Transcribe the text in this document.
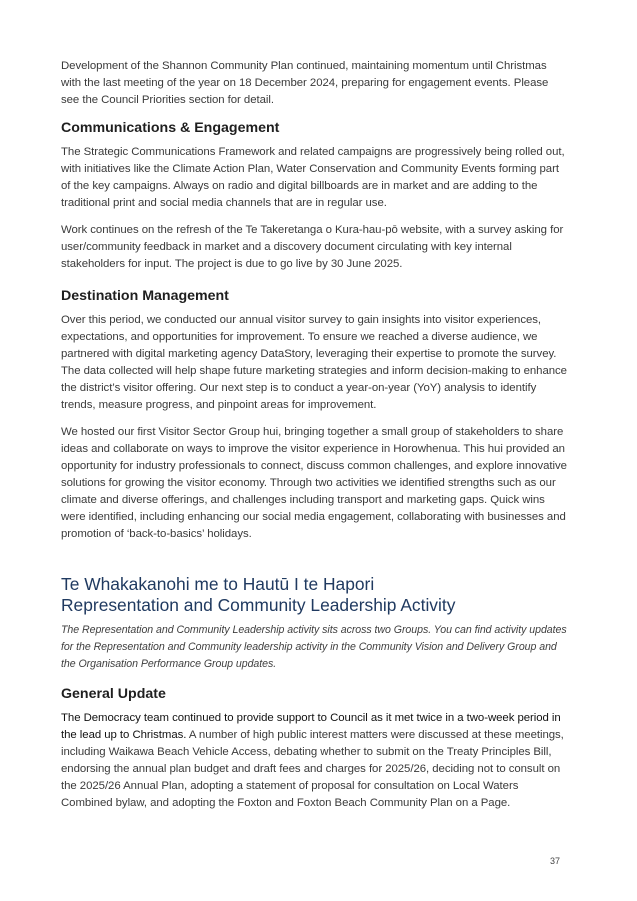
Development of the Shannon Community Plan continued, maintaining momentum until Christmas with the last meeting of the year on 18 December 2024, preparing for engagement events. Please see the Council Priorities section for detail.

Communications & Engagement

The Strategic Communications Framework and related campaigns are progressively being rolled out, with initiatives like the Climate Action Plan, Water Conservation and Community Events forming part of the key campaigns. Always on radio and digital billboards are in market and are adding to the traditional print and social media channels that are in regular use.

Work continues on the refresh of the Te Takeretanga o Kura-hau-pō website, with a survey asking for user/community feedback in market and a discovery document circulating with key internal stakeholders for input. The project is due to go live by 30 June 2025.

Destination Management

Over this period, we conducted our annual visitor survey to gain insights into visitor experiences, expectations, and opportunities for improvement. To ensure we reached a diverse audience, we partnered with digital marketing agency DataStory, leveraging their expertise to promote the survey. The data collected will help shape future marketing strategies and inform decision-making to enhance the district’s visitor offering. Our next step is to conduct a year-on-year (YoY) analysis to identify trends, measure progress, and pinpoint areas for improvement.

We hosted our first Visitor Sector Group hui, bringing together a small group of stakeholders to share ideas and collaborate on ways to improve the visitor experience in Horowhenua. This hui provided an opportunity for industry professionals to connect, discuss common challenges, and explore innovative solutions for growing the visitor economy. Through two activities we identified strengths such as our climate and diverse offerings, and challenges including transport and marketing gaps. Quick wins were identified, including enhancing our social media engagement, collaborating with businesses and promotion of ‘back-to-basics’ holidays.

Te Whakakanohi me to Hautū I te Hapori
Representation and Community Leadership Activity

The Representation and Community Leadership activity sits across two Groups. You can find activity updates for the Representation and Community leadership activity in the Community Vision and Delivery Group and the Organisation Performance Group updates.

General Update

The Democracy team continued to provide support to Council as it met twice in a two-week period in the lead up to Christmas. A number of high public interest matters were discussed at these meetings, including Waikawa Beach Vehicle Access, debating whether to submit on the Treaty Principles Bill, endorsing the annual plan budget and draft fees and charges for 2025/26, deciding not to consult on the 2025/26 Annual Plan, adopting a statement of proposal for consultation on Local Waters Combined bylaw, and adopting the Foxton and Foxton Beach Community Plan on a Page.

37
